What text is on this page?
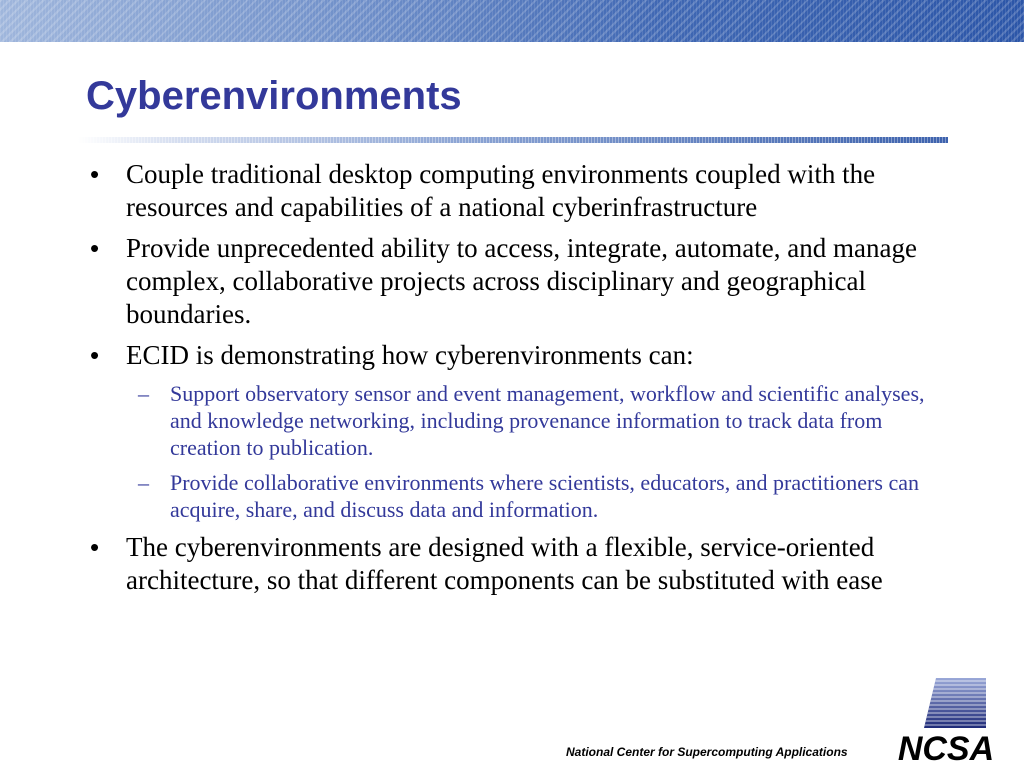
Cyberenvironments
• Couple traditional desktop computing environments coupled with the resources and capabilities of a national cyberinfrastructure
• Provide unprecedented ability to access, integrate, automate, and manage complex, collaborative projects across disciplinary and geographical boundaries.
• ECID is demonstrating how cyberenvironments can:
– Support observatory sensor and event management, workflow and scientific analyses, and knowledge networking, including provenance information to track data from creation to publication.
– Provide collaborative environments where scientists, educators, and practitioners can acquire, share, and discuss data and information.
• The cyberenvironments are designed with a flexible, service-oriented architecture, so that different components can be substituted with ease
National Center for Supercomputing Applications NCSA
